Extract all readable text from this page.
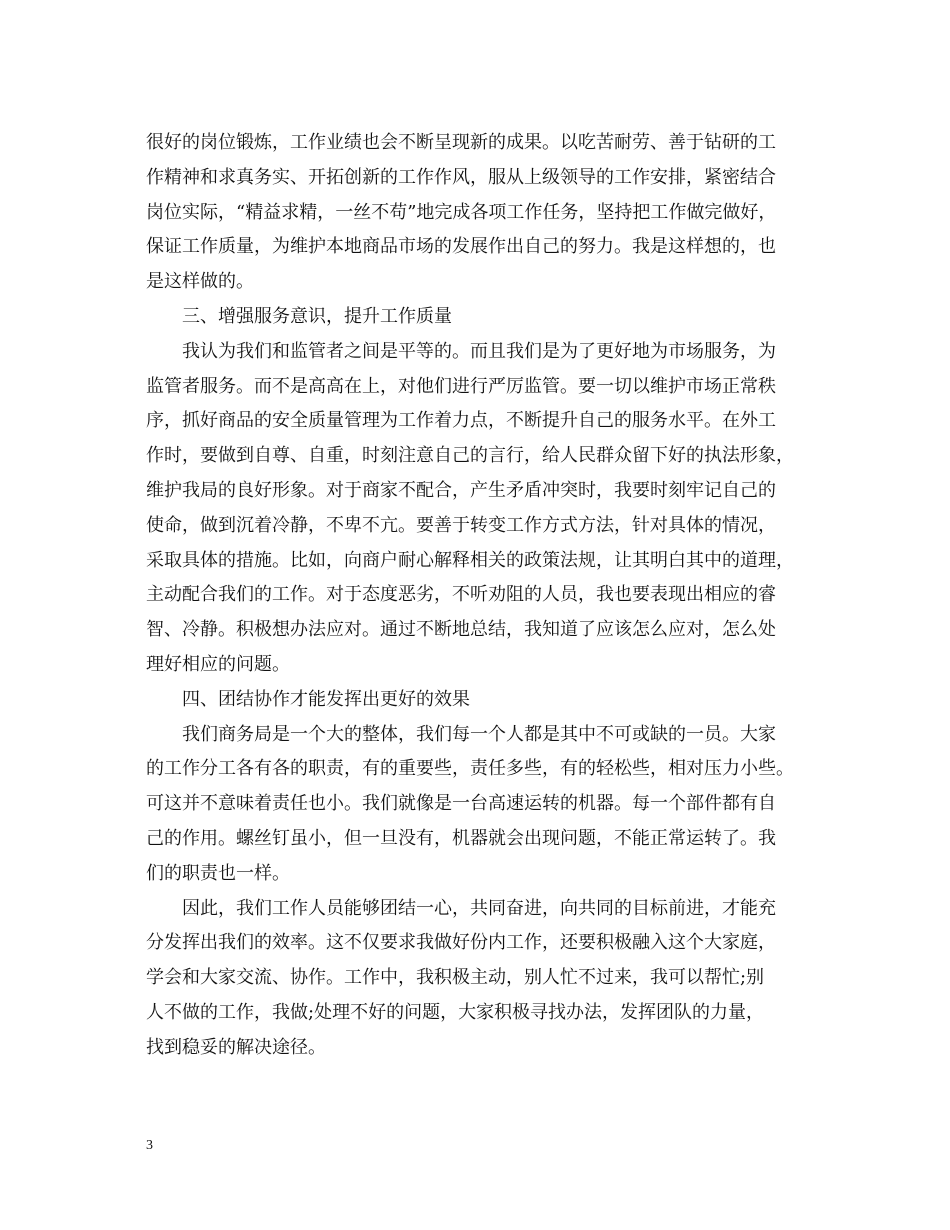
很好的岗位锻炼，工作业绩也会不断呈现新的成果。以吃苦耐劳、善于钻研的工
作精神和求真务实、开拓创新的工作作风，服从上级领导的工作安排，紧密结合
岗位实际，“精益求精，一丝不苟”地完成各项工作任务，坚持把工作做完做好，
保证工作质量，为维护本地商品市场的发展作出自己的努力。我是这样想的，也
是这样做的。
三、增强服务意识，提升工作质量
我认为我们和监管者之间是平等的。而且我们是为了更好地为市场服务，为
监管者服务。而不是高高在上，对他们进行严厉监管。要一切以维护市场正常秩
序，抓好商品的安全质量管理为工作着力点，不断提升自己的服务水平。在外工
作时，要做到自尊、自重，时刻注意自己的言行，给人民群众留下好的执法形象，
维护我局的良好形象。对于商家不配合，产生矛盾冲突时，我要时刻牢记自己的
使命，做到沉着冷静，不卑不亢。要善于转变工作方式方法，针对具体的情况，
采取具体的措施。比如，向商户耐心解释相关的政策法规，让其明白其中的道理，
主动配合我们的工作。对于态度恶劣，不听劝阻的人员，我也要表现出相应的睿
智、冷静。积极想办法应对。通过不断地总结，我知道了应该怎么应对，怎么处
理好相应的问题。
四、团结协作才能发挥出更好的效果
我们商务局是一个大的整体，我们每一个人都是其中不可或缺的一员。大家
的工作分工各有各的职责，有的重要些，责任多些，有的轻松些，相对压力小些。
可这并不意味着责任也小。我们就像是一台高速运转的机器。每一个部件都有自
己的作用。螺丝钉虽小，但一旦没有，机器就会出现问题，不能正常运转了。我
们的职责也一样。
因此，我们工作人员能够团结一心，共同奋进，向共同的目标前进，才能充
分发挥出我们的效率。这不仅要求我做好份内工作，还要积极融入这个大家庭，
学会和大家交流、协作。工作中，我积极主动，别人忙不过来，我可以帮忙;别
人不做的工作，我做;处理不好的问题，大家积极寻找办法，发挥团队的力量，
找到稳妥的解决途径。
3
